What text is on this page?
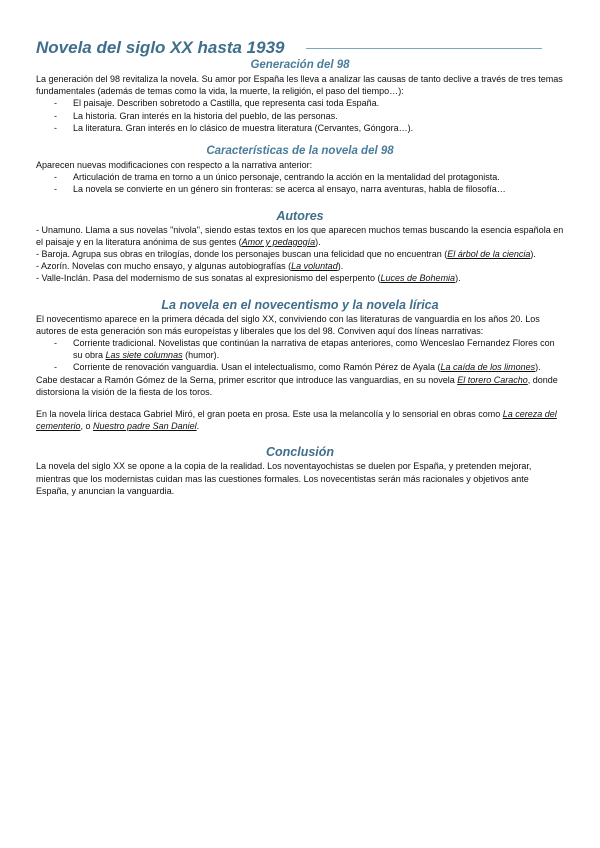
Novela del siglo XX hasta 1939
Generación del 98

La generación del 98 revitaliza la novela. Su amor por España les lleva a analizar las causas de tanto declive a través de tres temas fundamentales (además de temas como la vida, la muerte, la religión, el paso del tiempo…):

- El paisaje. Describen sobretodo a Castilla, que representa casi toda España.
- La historia. Gran interés en la historia del pueblo, de las personas.
- La literatura. Gran interés en lo clásico de muestra literatura (Cervantes, Góngora…).
Características de la novela del 98

Aparecen nuevas modificaciones con respecto a la narrativa anterior:

- Articulación de trama en torno a un único personaje, centrando la acción en la mentalidad del protagonista.
- La novela se convierte en un género sin fronteras: se acerca al ensayo, narra aventuras, habla de filosofía…
Autores

- Unamuno. Llama a sus novelas "nivola", siendo estas textos en los que aparecen muchos temas buscando la esencia española en el paisaje y en la literatura anónima de sus gentes (Amor y pedagogía).

- Baroja. Agrupa sus obras en trilogías, donde los personajes buscan una felicidad que no encuentran (El árbol de la ciencia).

- Azorín. Novelas con mucho ensayo, y algunas autobiografías (La voluntad).

- Valle-Inclán. Pasa del modernismo de sus sonatas al expresionismo del esperpento (Luces de Bohemia).

La novela en el novecentismo y la novela lírica

El novecentismo aparece en la primera década del siglo XX, conviviendo con las literaturas de vanguardia en los años 20. Los autores de esta generación son más europeístas y liberales que los del 98. Conviven aquí dos líneas narrativas:

- Corriente tradicional. Novelistas que continúan la narrativa de etapas anteriores, como Wenceslao Fernandez Flores con su obra Las siete columnas (humor).
- Corriente de renovación vanguardia. Usan el intelectualismo, como Ramón Pérez de Ayala (La caída de los limones).

Cabe destacar a Ramón Gómez de la Serna, primer escritor que introduce las vanguardias, en su novela El torero Caracho, donde distorsiona la visión de la fiesta de los toros.

En la novela lírica destaca Gabriel Miró, el gran poeta en prosa. Este usa la melancolía y lo sensorial en obras como La cereza del cementerio, o Nuestro padre San Daniel.

Conclusión

La novela del siglo XX se opone a la copia de la realidad. Los noventayochistas se duelen por España, y pretenden mejorar, mientras que los modernistas cuidan mas las cuestiones formales. Los novecentistas serán más racionales y objetivos ante España, y anuncian la vanguardia.
